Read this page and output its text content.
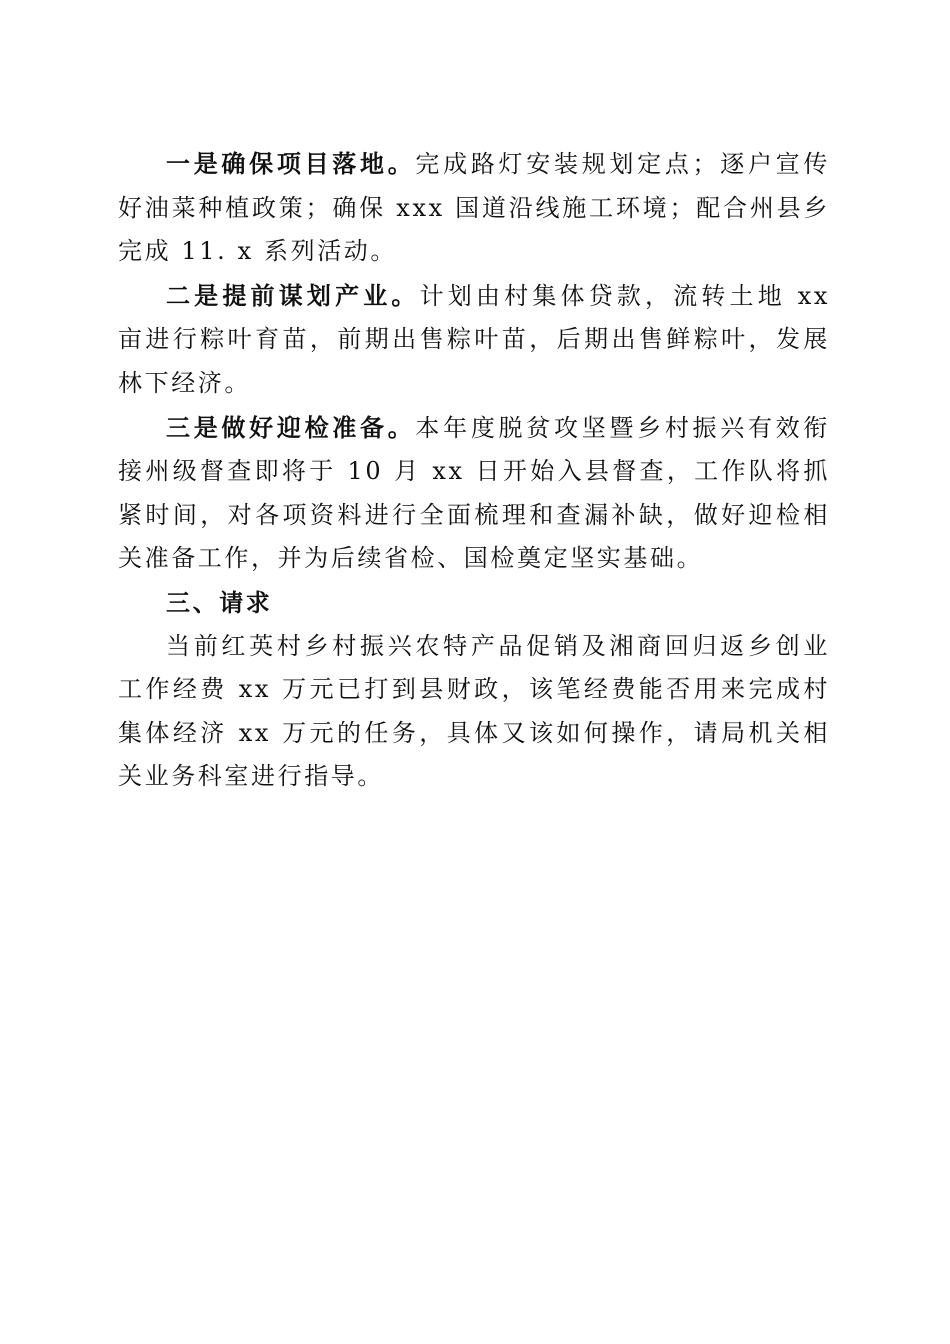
一是确保项目落地。完成路灯安装规划定点；逐户宣传好油菜种植政策；确保 xxx 国道沿线施工环境；配合州县乡完成 11. x 系列活动。

二是提前谋划产业。计划由村集体贷款，流转土地 xx 亩进行粽叶育苗，前期出售粽叶苗，后期出售鲜粽叶，发展林下经济。

三是做好迎检准备。本年度脱贫攻坚暨乡村振兴有效衔接州级督查即将于 10 月 xx 日开始入县督查，工作队将抓紧时间，对各项资料进行全面梳理和查漏补缺，做好迎检相关准备工作，并为后续省检、国检奠定坚实基础。

三、请求

当前红英村乡村振兴农特产品促销及湘商回归返乡创业工作经费 xx 万元已打到县财政，该笔经费能否用来完成村集体经济 xx 万元的任务，具体又该如何操作，请局机关相关业务科室进行指导。
